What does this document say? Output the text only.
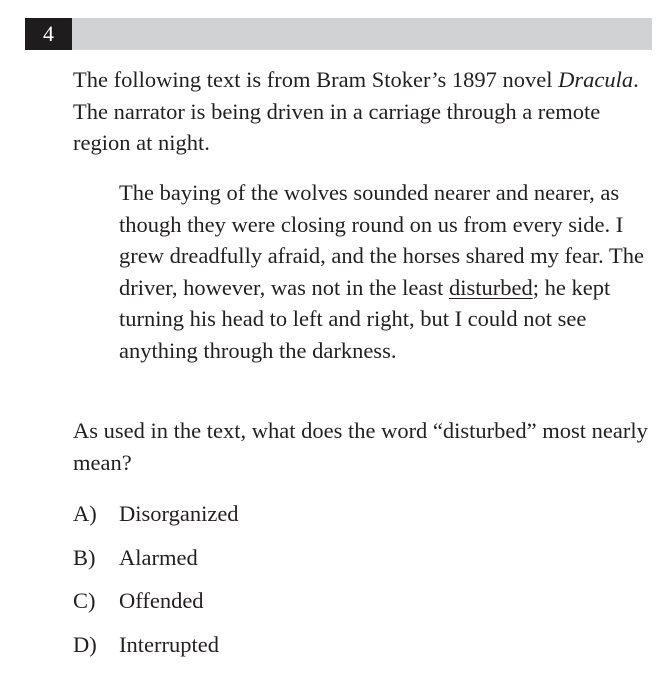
4
The following text is from Bram Stoker’s 1897 novel Dracula. The narrator is being driven in a carriage through a remote region at night.
The baying of the wolves sounded nearer and nearer, as though they were closing round on us from every side. I grew dreadfully afraid, and the horses shared my fear. The driver, however, was not in the least disturbed; he kept turning his head to left and right, but I could not see anything through the darkness.
As used in the text, what does the word “disturbed” most nearly mean?
A) Disorganized
B)	Alarmed
C)	Offended
D) Interrupted
